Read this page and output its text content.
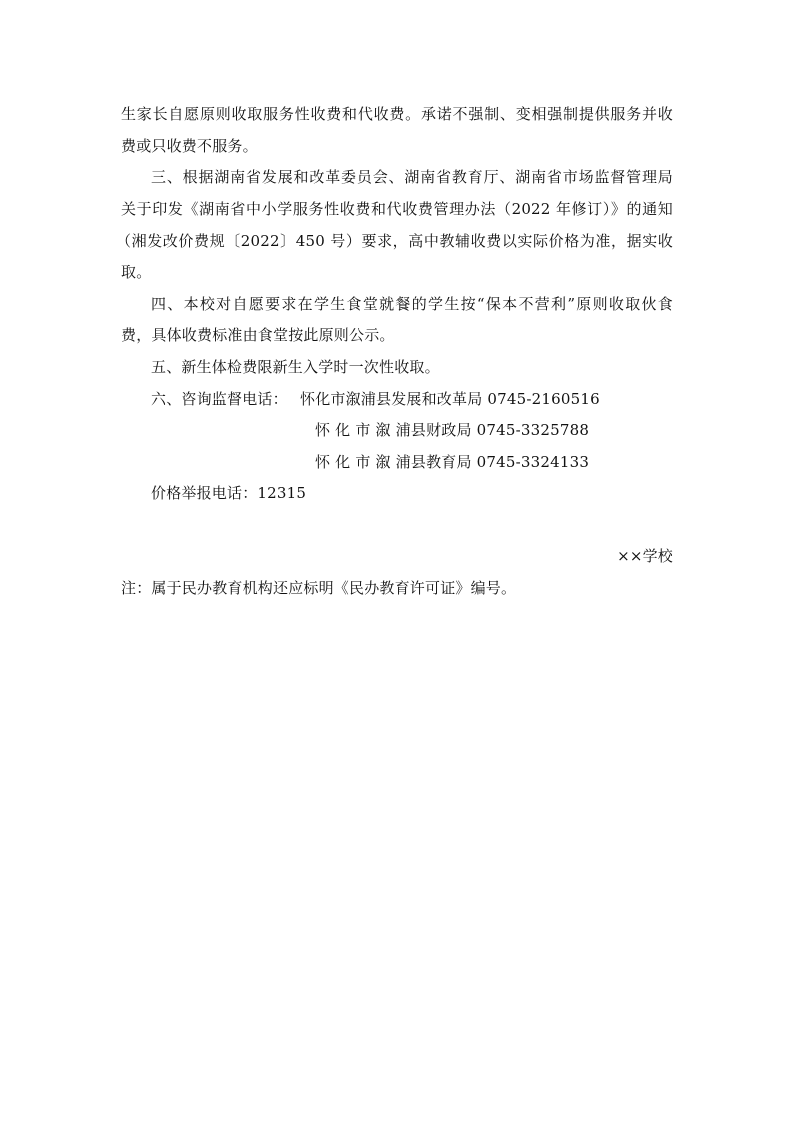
生家长自愿原则收取服务性收费和代收费。承诺不强制、变相强制提供服务并收
费或只收费不服务。
三、根据湖南省发展和改革委员会、湖南省教育厅、湖南省市场监督管理局
关于印发《湖南省中小学服务性收费和代收费管理办法（2022 年修订）》的通知
（湘发改价费规〔2022〕450 号）要求，高中教辅收费以实际价格为准，据实收
取。
四、本校对自愿要求在学生食堂就餐的学生按“保本不营利”原则收取伙食
费，具体收费标准由食堂按此原则公示。
五、新生体检费限新生入学时一次性收取。
六、咨询监督电话： 怀化市溆浦县发展和改革局 0745-2160516
怀 化 市 溆 浦县财政局 0745-3325788
怀 化 市 溆 浦县教育局 0745-3324133
价格举报电话：12315
××学校
注：属于民办教育机构还应标明《民办教育许可证》编号。
